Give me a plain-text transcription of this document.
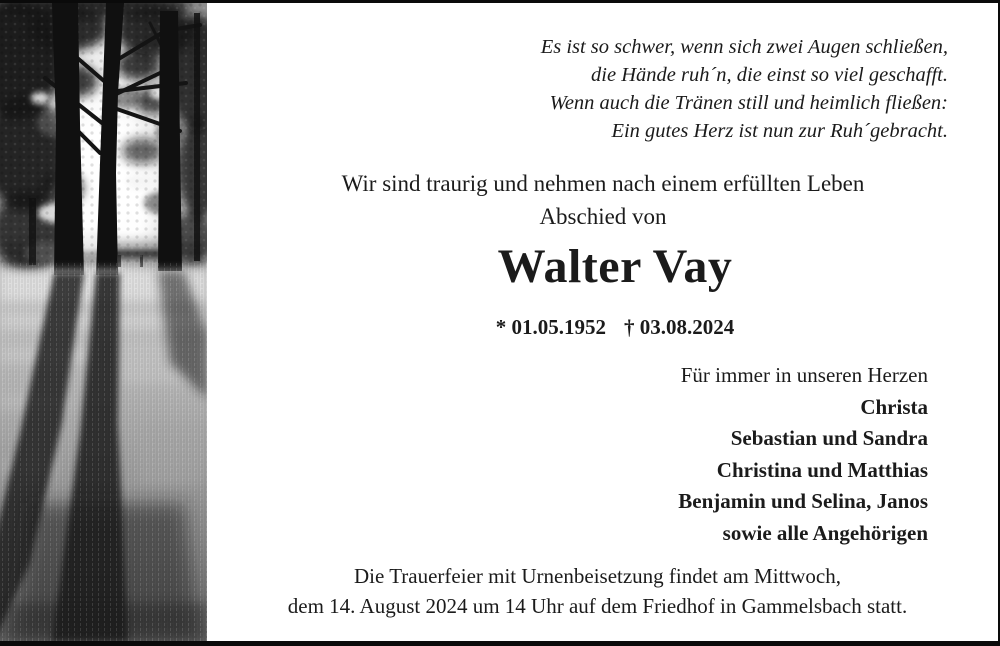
Es ist so schwer, wenn sich zwei Augen schließen,
die Hände ruh´n, die einst so viel geschafft.
Wenn auch die Tränen still und heimlich fließen:
Ein gutes Herz ist nun zur Ruh´gebracht.
Wir sind traurig und nehmen nach einem erfüllten Leben
Abschied von
Walter Vay
* 01.05.1952 † 03.08.2024
Für immer in unseren Herzen
Christa
Sebastian und Sandra
Christina und Matthias
Benjamin und Selina, Janos
sowie alle Angehörigen
Die Trauerfeier mit Urnenbeisetzung findet am Mittwoch,
dem 14. August 2024 um 14 Uhr auf dem Friedhof in Gammelsbach statt.
